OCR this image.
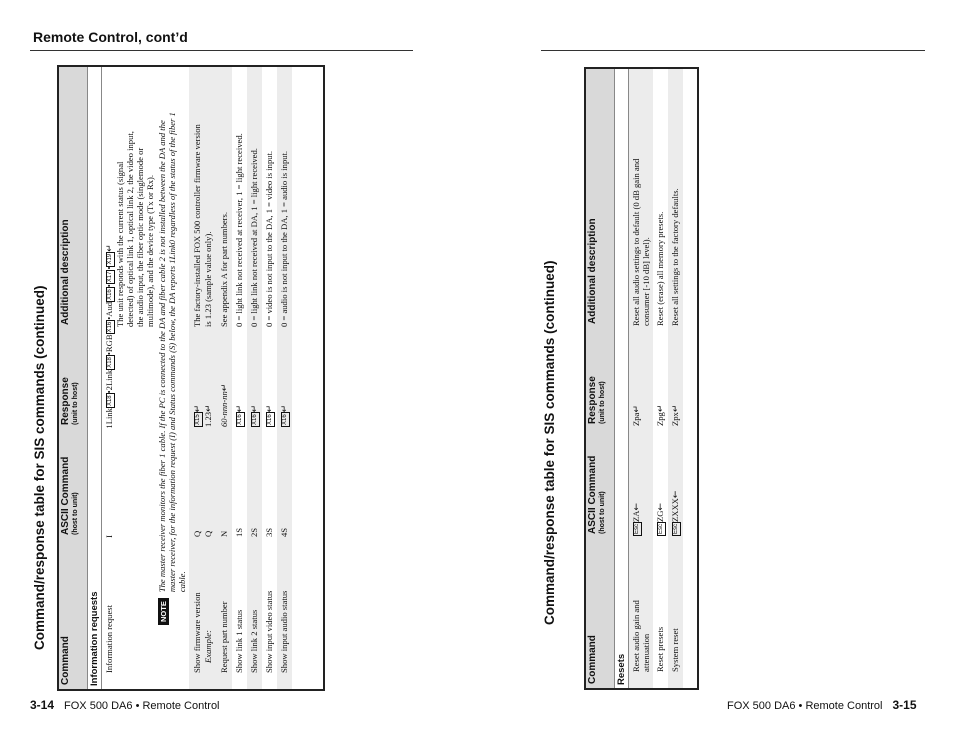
Remote Control, cont’d
3-14 FOX 500 DA6 • Remote Control	FOX 500 DA6 • Remote Control 3-15
Command/response table for SIS commands (continued)	Command/response table for SIS commands (continued)
Command
ASCII Command (host to unit)
Response (unit to host)
Additional description
Information requests Information request
I
1LinkX18•2LinkX18•RGBX16•AudX16•X17•X19↵ The unit responds with the current status (signal detected) of optical link 1, optical link 2, the video input, the audio input, the fiber optic mode (singlemode or multimode), and the device type (Tx or Rx).
NOTE
The master receiver monitors the fiber 1 cable. If the PC is connected to the DA and fiber cable 2 is not installed between the DA and the master receiver, for the information request (I) and Status commands (S) below, the DA reports 1Link0 regardless of the status of the fiber 1 cable.
Show firmware version
Q
X15↵
The factory-installed FOX 500 controller firmware version
Example:
Q
1.23↵
is 1.23 (sample value only).
Request part number
N
60-nnn-nn↵
See appendix A for part numbers.
Show link 1 status
1S
X16↵
0 = light link not received at receiver, 1 = light received.
Show link 2 status
2S
X16↵
0 = light link not received at DA, 1 = light received.
Show input video status
3S
X16↵
0 = video is not input to the DA, 1 = video is input.
Show input audio status
4S
X16↵
0 = audio is not input to the DA, 1 = audio is input.
Command
ASCII Command (host to unit)
Response (unit to host)
Additional description
Resets Reset audio gain and attenuation
EscZA←
Zpa↵
Reset all audio settings to default (0 dB gain and consumer [-10 dB] level).
Reset presets
EscZG←
Zpg↵
Reset (erase) all memory presets.
System reset
EscZXXX←
Zpx↵
Reset all settings to the factory defaults.
